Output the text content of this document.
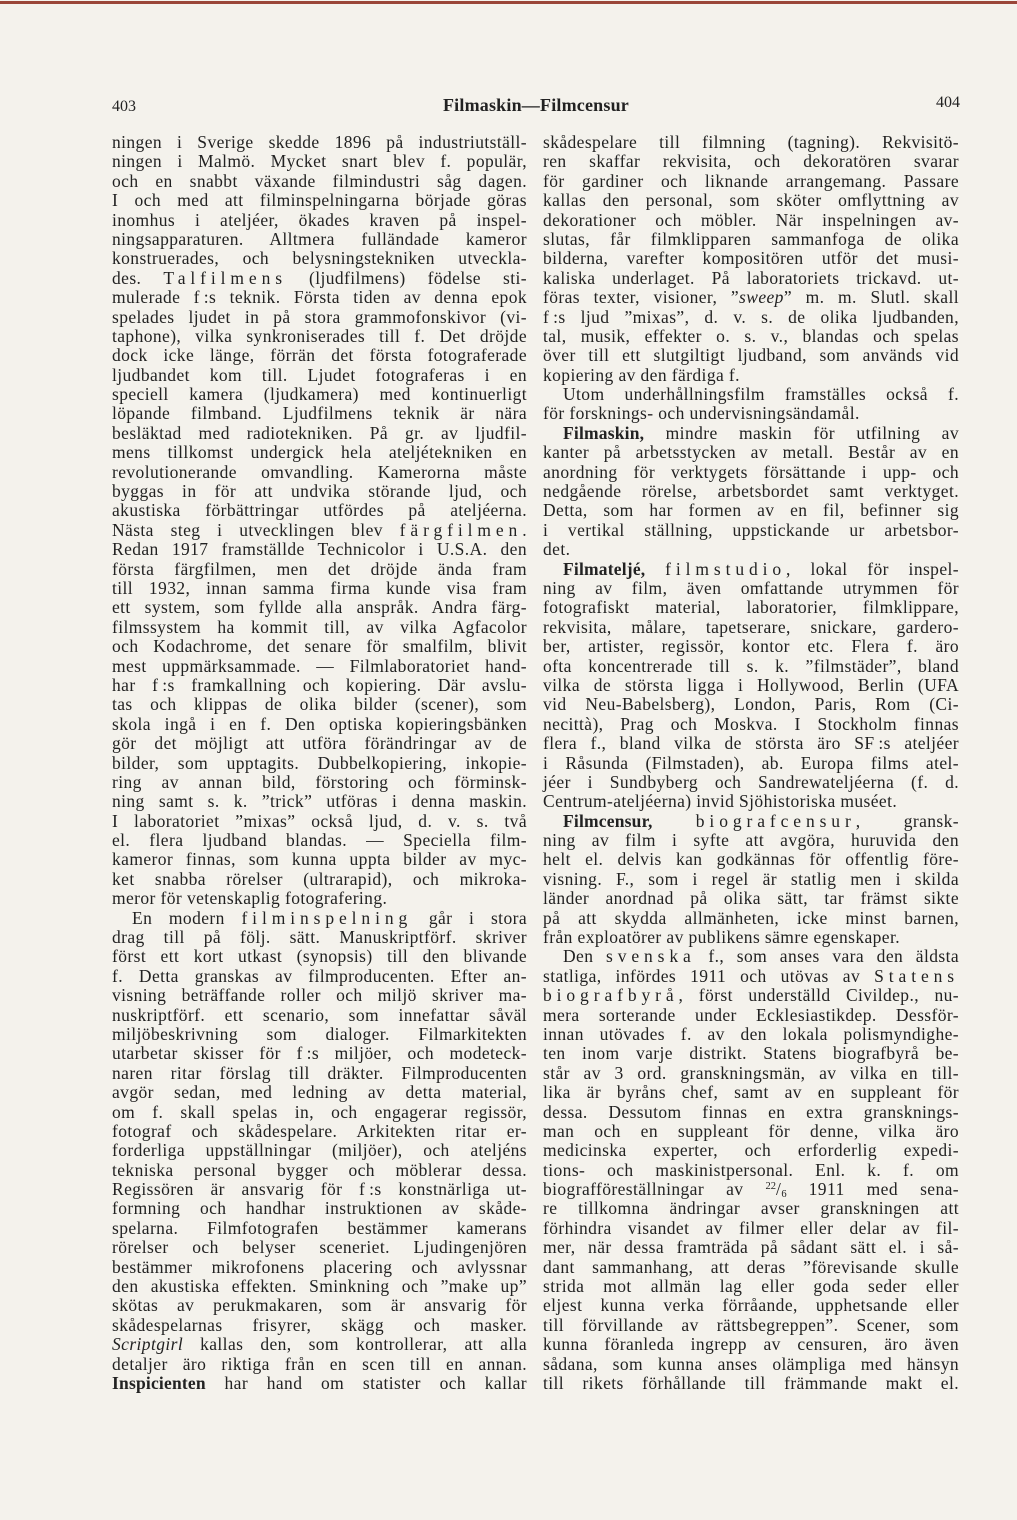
403	Filmaskin—Filmcensur	404
ningen i Sverige skedde 1896 på industriutställ-
ningen i Malmö. Mycket snart blev f. populär,
och en snabbt växande filmindustri såg dagen.
I och med att filminspelningarna började göras
inomhus i ateljéer, ökades kraven på inspel-
ningsapparaturen. Alltmera fulländade kameror
konstruerades, och belysningstekniken utveckla-
des. Talfilmens (ljudfilmens) födelse sti-
mulerade f :s teknik. Första tiden av denna epok
spelades ljudet in på stora grammofonskivor (vi-
taphone), vilka synkroniserades till f. Det dröjde
dock icke länge, förrän det första fotograferade
ljudbandet kom till. Ljudet fotograferas i en
speciell kamera (ljudkamera) med kontinuerligt
löpande filmband. Ljudfilmens teknik är nära
besläktad med radiotekniken. På gr. av ljudfil-
mens tillkomst undergick hela ateljétekniken en
revolutionerande omvandling. Kamerorna måste
byggas in för att undvika störande ljud, och
akustiska förbättringar utfördes på ateljéerna.
Nästa steg i utvecklingen blev färgfilmen.
Redan 1917 framställde Technicolor i U.S.A. den
första färgfilmen, men det dröjde ända fram
till 1932, innan samma firma kunde visa fram
ett system, som fyllde alla anspråk. Andra färg-
filmssystem ha kommit till, av vilka Agfacolor
och Kodachrome, det senare för smalfilm, blivit
mest uppmärksammade. — Filmlaboratoriet hand-
har f :s framkallning och kopiering. Där avslu-
tas och klippas de olika bilder (scener), som
skola ingå i en f. Den optiska kopieringsbänken
gör det möjligt att utföra förändringar av de
bilder, som upptagits. Dubbelkopiering, inkopie-
ring av annan bild, förstoring och förminsk-
ning samt s. k. ”trick” utföras i denna maskin.
I laboratoriet ”mixas” också ljud, d. v. s. två
el. flera ljudband blandas. — Speciella film-
kameror finnas, som kunna uppta bilder av myc-
ket snabba rörelser (ultrarapid), och mikroka-
meror för vetenskaplig fotografering.
En modern filminspelning går i stora
drag till på följ. sätt. Manuskriptförf. skriver
först ett kort utkast (synopsis) till den blivande
f. Detta granskas av filmproducenten. Efter an-
visning beträffande roller och miljö skriver ma-
nuskriptförf. ett scenario, som innefattar såväl
miljöbeskrivning som dialoger. Filmarkitekten
utarbetar skisser för f :s miljöer, och modeteck-
naren ritar förslag till dräkter. Filmproducenten
avgör sedan, med ledning av detta material,
om f. skall spelas in, och engagerar regissör,
fotograf och skådespelare. Arkitekten ritar er-
forderliga uppställningar (miljöer), och ateljéns
tekniska personal bygger och möblerar dessa.
Regissören är ansvarig för f :s konstnärliga ut-
formning och handhar instruktionen av skåde-
spelarna. Filmfotografen bestämmer kamerans
rörelser och belyser sceneriet. Ljudingenjören
bestämmer mikrofonens placering och avlyssnar
den akustiska effekten. Sminkning och ”make up”
skötas av perukmakaren, som är ansvarig för
skådespelarnas frisyrer, skägg och masker.
Scriptgirl kallas den, som kontrollerar, att alla
detaljer äro riktiga från en scen till en annan.
Inspicienten har hand om statister och kallar
skådespelare till filmning (tagning). Rekvisitö-
ren skaffar rekvisita, och dekoratören svarar
för gardiner och liknande arrangemang. Passare
kallas den personal, som sköter omflyttning av
dekorationer och möbler. När inspelningen av-
slutas, får filmklipparen sammanfoga de olika
bilderna, varefter kompositören utför det musi-
kaliska underlaget. På laboratoriets trickavd. ut-
föras texter, visioner, ”sweep” m. m. Slutl. skall
f :s ljud ”mixas”, d. v. s. de olika ljudbanden,
tal, musik, effekter o. s. v., blandas och spelas
över till ett slutgiltigt ljudband, som används vid
kopiering av den färdiga f.
Utom underhållningsfilm framställes också f.
för forsknings- och undervisningsändamål.
Filmaskin, mindre maskin för utfilning av
kanter på arbetsstycken av metall. Består av en
anordning för verktygets försättande i upp- och
nedgående rörelse, arbetsbordet samt verktyget.
Detta, som har formen av en fil, befinner sig
i vertikal ställning, uppstickande ur arbetsbor-
det.
Filmateljé, filmstudio, lokal för inspel-
ning av film, även omfattande utrymmen för
fotografiskt material, laboratorier, filmklippare,
rekvisita, målare, tapetserare, snickare, gardero-
ber, artister, regissör, kontor etc. Flera f. äro
ofta koncentrerade till s. k. ”filmstäder”, bland
vilka de största ligga i Hollywood, Berlin (UFA
vid Neu-Babelsberg), London, Paris, Rom (Ci-
necittà), Prag och Moskva. I Stockholm finnas
flera f., bland vilka de största äro SF :s ateljéer
i Råsunda (Filmstaden), ab. Europa films atel-
jéer i Sundbyberg och Sandrewateljéerna (f. d.
Centrum-ateljéerna) invid Sjöhistoriska muséet.
Filmcensur, biografcensur, gransk-
ning av film i syfte att avgöra, huruvida den
helt el. delvis kan godkännas för offentlig före-
visning. F., som i regel är statlig men i skilda
länder anordnad på olika sätt, tar främst sikte
på att skydda allmänheten, icke minst barnen,
från exploatörer av publikens sämre egenskaper.
Den svenska f., som anses vara den äldsta
statliga, infördes 1911 och utövas av Statens
biografbyrå, först underställd Civildep., nu-
mera sorterande under Ecklesiastikdep. Dessför-
innan utövades f. av den lokala polismyndighe-
ten inom varje distrikt. Statens biografbyrå be-
står av 3 ord. granskningsmän, av vilka en till-
lika är byråns chef, samt av en suppleant för
dessa. Dessutom finnas en extra gransknings-
man och en suppleant för denne, vilka äro
medicinska experter, och erforderlig expedi-
tions- och maskinistpersonal. Enl. k. f. om
biografföreställningar av $^{22}$/6 1911 med sena-
re tillkomna ändringar avser granskningen att
förhindra visandet av filmer eller delar av fil-
mer, när dessa framträda på sådant sätt el. i så-
dant sammanhang, att deras ”förevisande skulle
strida mot allmän lag eller goda seder eller
eljest kunna verka förråande, upphetsande eller
till förvillande av rättsbegreppen”. Scener, som
kunna föranleda ingrepp av censuren, äro även
sådana, som kunna anses olämpliga med hänsyn
till rikets förhållande till främmande makt el.
